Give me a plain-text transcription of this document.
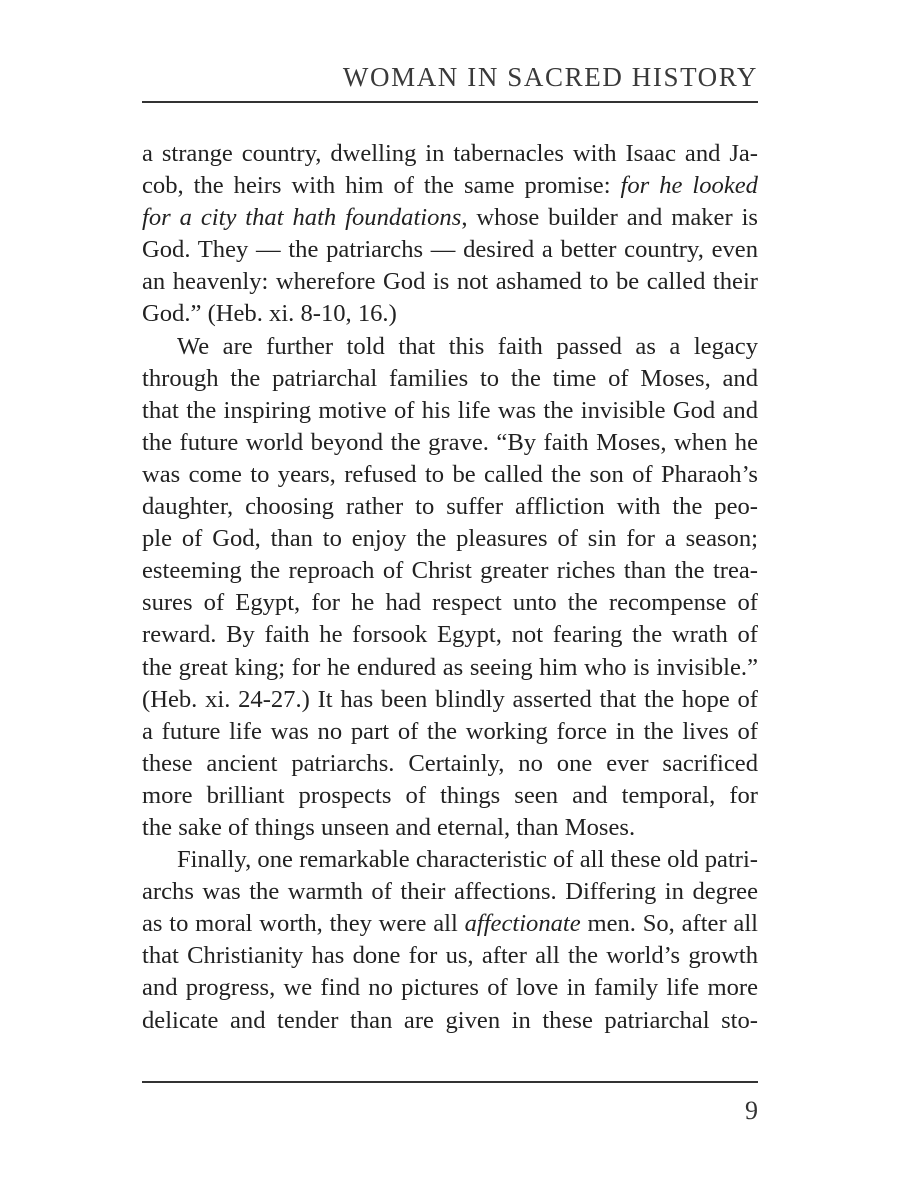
WOMAN IN SACRED HISTORY
a strange country, dwelling in tabernacles with Isaac and Ja-
cob, the heirs with him of the same promise: for he looked
for a city that hath foundations, whose builder and maker is
God. They — the patriarchs — desired a better country, even
an heavenly: wherefore God is not ashamed to be called their
God.” (Heb. xi. 8-10, 16.)
We are further told that this faith passed as a legacy
through the patriarchal families to the time of Moses, and
that the inspiring motive of his life was the invisible God and
the future world beyond the grave. “By faith Moses, when he
was come to years, refused to be called the son of Pharaoh’s
daughter, choosing rather to suffer affliction with the peo-
ple of God, than to enjoy the pleasures of sin for a season;
esteeming the reproach of Christ greater riches than the trea-
sures of Egypt, for he had respect unto the recompense of
reward. By faith he forsook Egypt, not fearing the wrath of
the great king; for he endured as seeing him who is invisible.”
(Heb. xi. 24-27.) It has been blindly asserted that the hope of
a future life was no part of the working force in the lives of
these ancient patriarchs. Certainly, no one ever sacrificed
more brilliant prospects of things seen and temporal, for
the sake of things unseen and eternal, than Moses.
Finally, one remarkable characteristic of all these old patri-
archs was the warmth of their affections. Differing in degree
as to moral worth, they were all affectionate men. So, after all
that Christianity has done for us, after all the world’s growth
and progress, we find no pictures of love in family life more
delicate and tender than are given in these patriarchal sto-
9
